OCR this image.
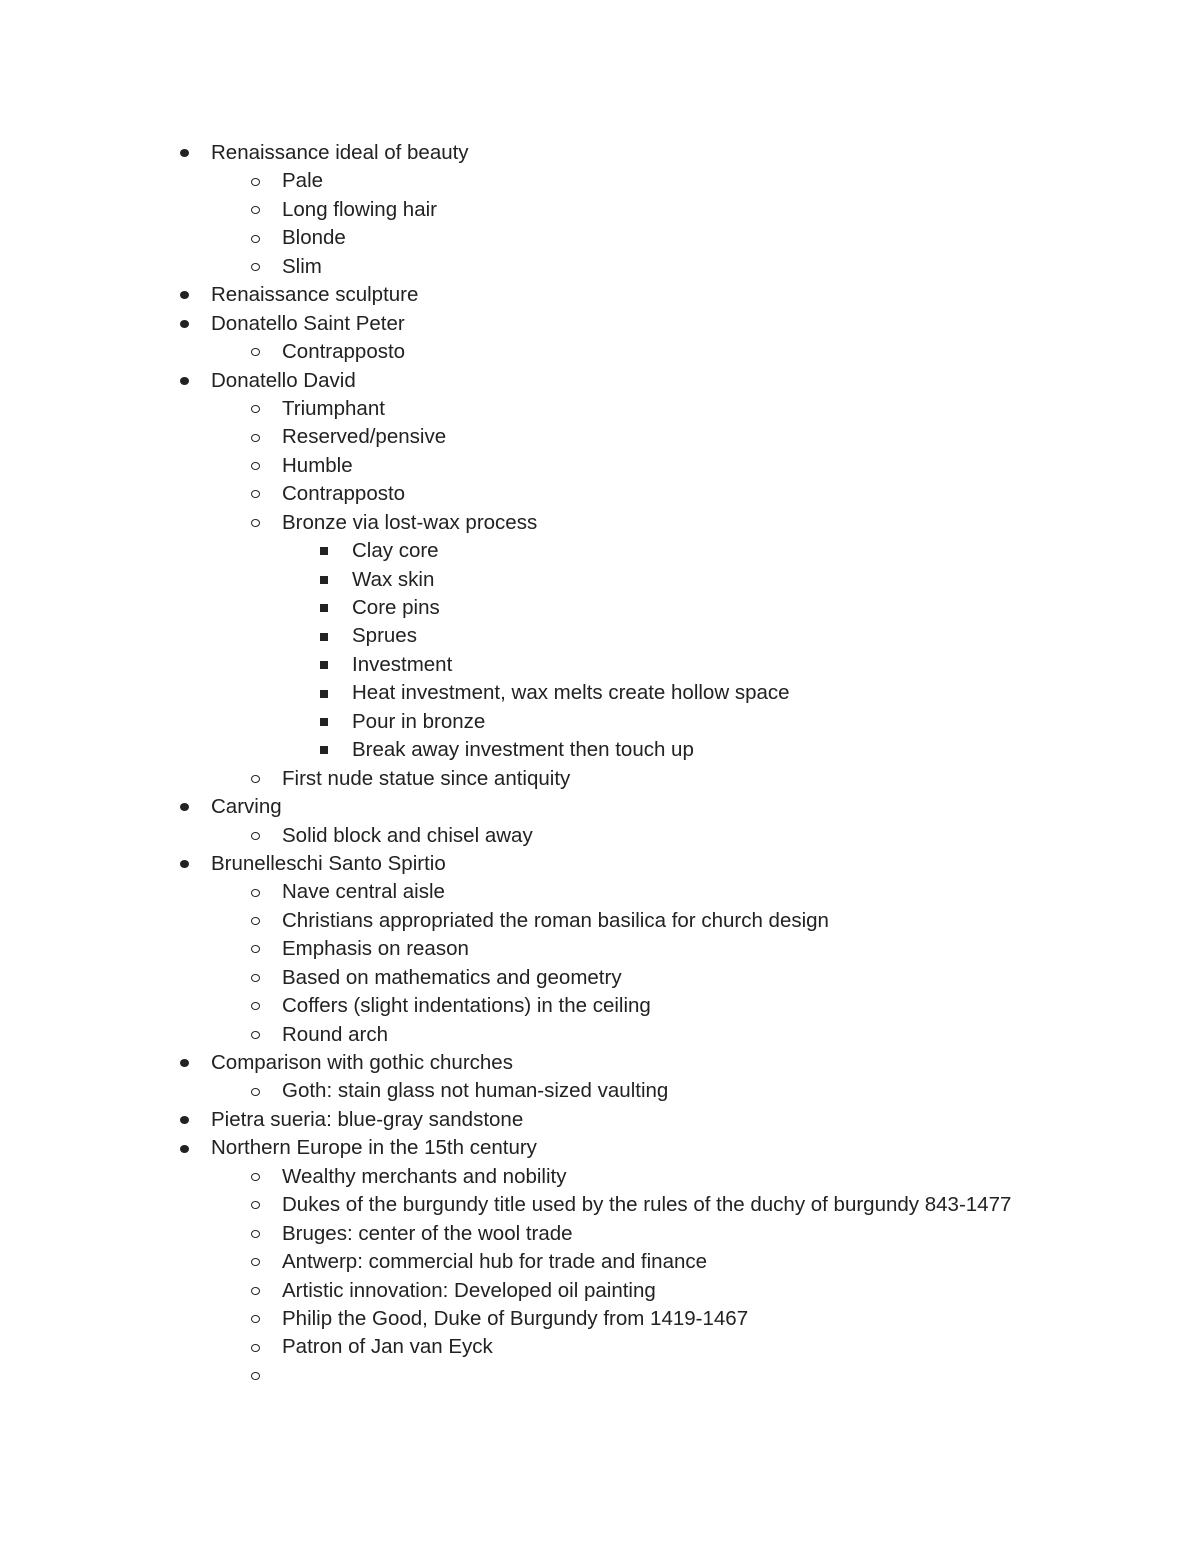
Renaissance ideal of beauty
Pale
Long flowing hair
Blonde
Slim
Renaissance sculpture
Donatello Saint Peter
Contrapposto
Donatello David
Triumphant
Reserved/pensive
Humble
Contrapposto
Bronze via lost-wax process
Clay core
Wax skin
Core pins
Sprues
Investment
Heat investment, wax melts create hollow space
Pour in bronze
Break away investment then touch up
First nude statue since antiquity
Carving
Solid block and chisel away
Brunelleschi Santo Spirtio
Nave central aisle
Christians appropriated the roman basilica for church design
Emphasis on reason
Based on mathematics and geometry
Coffers (slight indentations) in the ceiling
Round arch
Comparison with gothic churches
Goth: stain glass not human-sized vaulting
Pietra sueria: blue-gray sandstone
Northern Europe in the 15th century
Wealthy merchants and nobility
Dukes of the burgundy title used by the rules of the duchy of burgundy 843-1477
Bruges: center of the wool trade
Antwerp: commercial hub for trade and finance
Artistic innovation: Developed oil painting
Philip the Good, Duke of Burgundy from 1419-1467
Patron of Jan van Eyck
